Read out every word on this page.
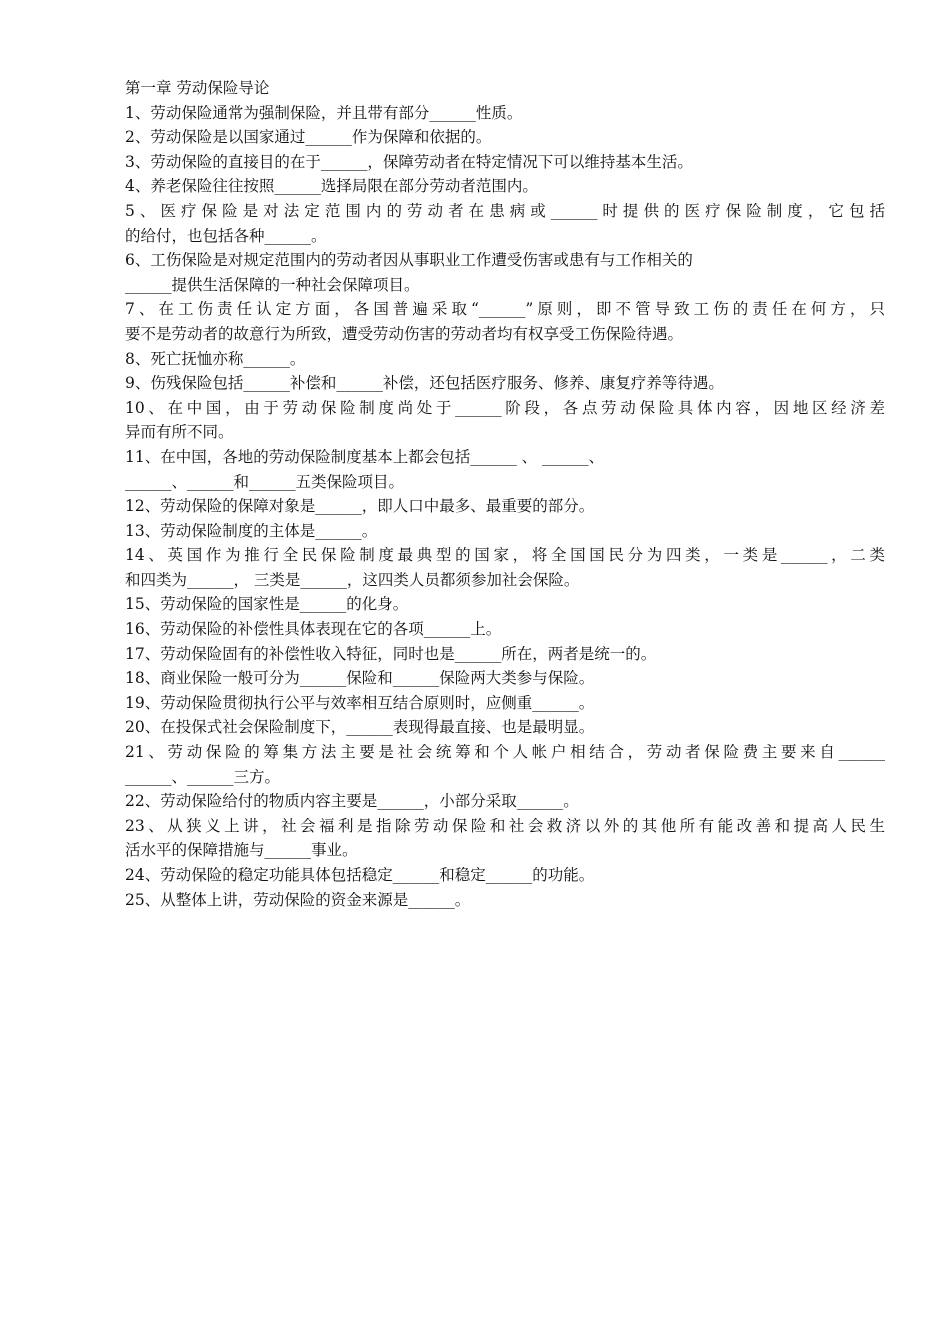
第一章 劳动保险导论
1、劳动保险通常为强制保险，并且带有部分______性质。
2、劳动保险是以国家通过______作为保障和依据的。
3、劳动保险的直接目的在于______，保障劳动者在特定情况下可以维持基本生活。
4、养老保险往往按照______选择局限在部分劳动者范围内。
5、医疗保险是对法定范围内的劳动者在患病或______时提供的医疗保险制度，它包括
的给付，也包括各种______。
6、工伤保险是对规定范围内的劳动者因从事职业工作遭受伤害或患有与工作相关的
______提供生活保障的一种社会保障项目。
7、在工伤责任认定方面，各国普遍采取“______”原则，即不管导致工伤的责任在何方，只
要不是劳动者的故意行为所致，遭受劳动伤害的劳动者均有权享受工伤保险待遇。
8、死亡抚恤亦称______。
9、伤残保险包括______补偿和______补偿，还包括医疗服务、修养、康复疗养等待遇。
10、在中国，由于劳动保险制度尚处于______阶段，各点劳动保险具体内容，因地区经济差
异而有所不同。
11、在中国，各地的劳动保险制度基本上都会包括______ 、 ______、
______、______和______五类保险项目。
12、劳动保险的保障对象是______，即人口中最多、最重要的部分。
13、劳动保险制度的主体是______。
14、英国作为推行全民保险制度最典型的国家，将全国国民分为四类，一类是______，二类
和四类为______， 三类是______，这四类人员都须参加社会保险。
15、劳动保险的国家性是______的化身。
16、劳动保险的补偿性具体表现在它的各项______上。
17、劳动保险固有的补偿性收入特征，同时也是______所在，两者是统一的。
18、商业保险一般可分为______保险和______保险两大类参与保险。
19、劳动保险贯彻执行公平与效率相互结合原则时，应侧重______。
20、在投保式社会保险制度下，______表现得最直接、也是最明显。
21、劳动保险的筹集方法主要是社会统筹和个人帐户相结合，劳动者保险费主要来自______
______、______三方。
22、劳动保险给付的物质内容主要是______，小部分采取______。
23、从狭义上讲，社会福利是指除劳动保险和社会救济以外的其他所有能改善和提高人民生
活水平的保障措施与______事业。
24、劳动保险的稳定功能具体包括稳定______和稳定______的功能。
25、从整体上讲，劳动保险的资金来源是______。
